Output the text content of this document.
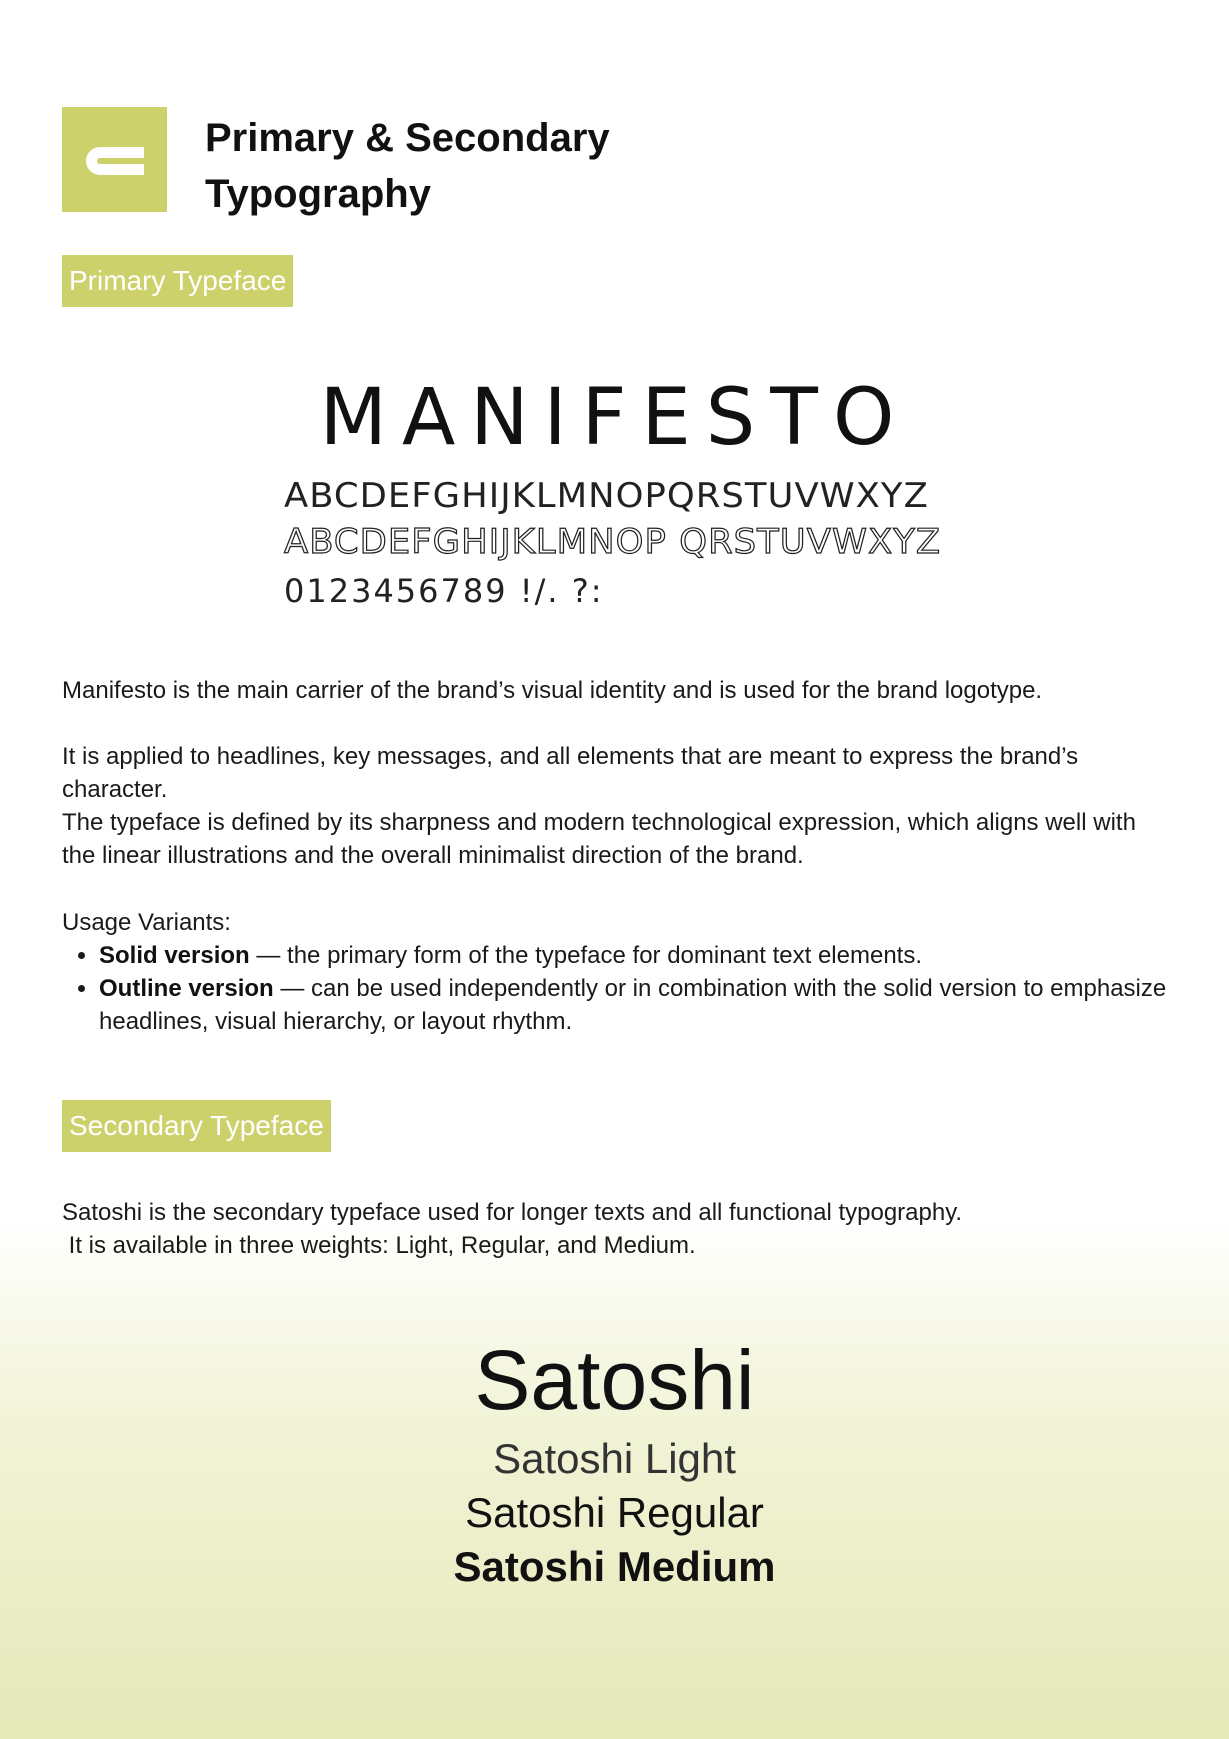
Primary & Secondary
Typography
Primary Typeface
MANIFESTO
ABCDEFGHIJKLMNOPQRSTUVWXYZ
ABCDEFGHIJKLMNOP QRSTUVWXYZ
0123456789 !/. ?:

Manifesto is the main carrier of the brand’s visual identity and is used for the brand logotype.

It is applied to headlines, key messages, and all elements that are meant to express the brand’s character.
The typeface is defined by its sharpness and modern technological expression, which aligns well with the linear illustrations and the overall minimalist direction of the brand.

Usage Variants:

• Solid version — the primary form of the typeface for dominant text elements.
• Outline version — can be used independently or in combination with the solid version to emphasize headlines, visual hierarchy, or layout rhythm.
Secondary Typeface

Satoshi is the secondary typeface used for longer texts and all functional typography.
It is available in three weights: Light, Regular, and Medium.

Satoshi
Satoshi Light
Satoshi Regular
Satoshi Medium
